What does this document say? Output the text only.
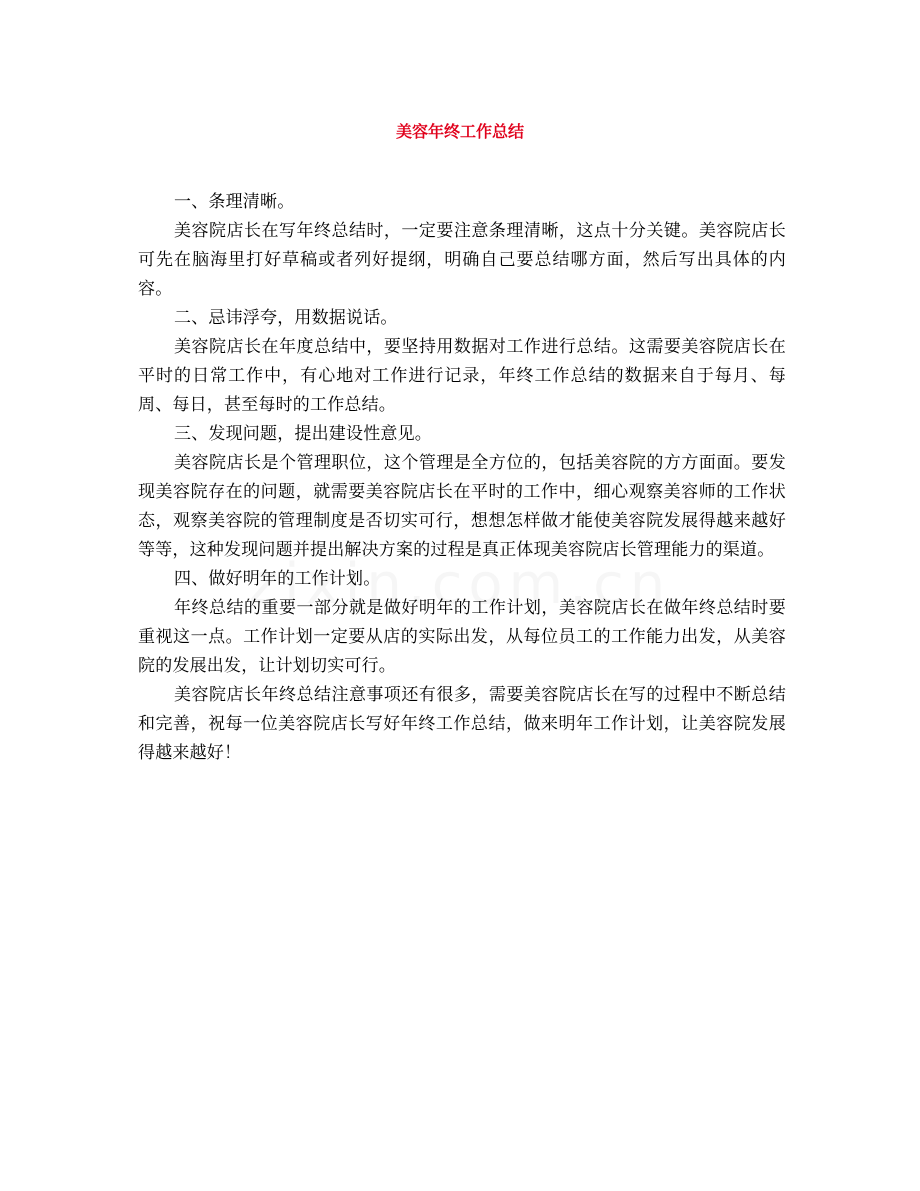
美容年终工作总结

一、条理清晰。

美容院店长在写年终总结时，一定要注意条理清晰，这点十分关键。美容院店长可先在脑海里打好草稿或者列好提纲，明确自己要总结哪方面，然后写出具体的内容。

二、忌讳浮夸，用数据说话。

美容院店长在年度总结中，要坚持用数据对工作进行总结。这需要美容院店长在平时的日常工作中，有心地对工作进行记录，年终工作总结的数据来自于每月、每周、每日，甚至每时的工作总结。

三、发现问题，提出建设性意见。

美容院店长是个管理职位，这个管理是全方位的，包括美容院的方方面面。要发现美容院存在的问题，就需要美容院店长在平时的工作中，细心观察美容师的工作状态，观察美容院的管理制度是否切实可行，想想怎样做才能使美容院发展得越来越好等等，这种发现问题并提出解决方案的过程是真正体现美容院店长管理能力的渠道。

四、做好明年的工作计划。

年终总结的重要一部分就是做好明年的工作计划，美容院店长在做年终总结时要重视这一点。工作计划一定要从店的实际出发，从每位员工的工作能力出发，从美容院的发展出发，让计划切实可行。

美容院店长年终总结注意事项还有很多，需要美容院店长在写的过程中不断总结和完善，祝每一位美容院店长写好年终工作总结，做来明年工作计划，让美容院发展得越来越好！
